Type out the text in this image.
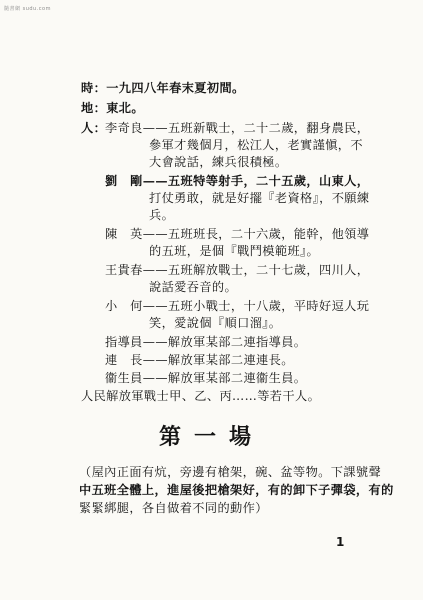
隨書網 sudu.com
時：一九四八年春末夏初間。
地：東北。
人：
李奇良——五班新戰士，二十二歲，翻身農民，
參軍才幾個月，松江人，老實謹愼，不
大會說話，練兵很積極。
劉　剛——五班特等射手，二十五歲，山東人，
打仗勇敢，就是好擺『老資格』，不願練
兵。
陳　英——五班班長，二十六歲，能幹，他領導
的五班，是個『戰鬥模範班』。
王貴春——五班解放戰士，二十七歲，四川人，
說話愛吞音的。
小　何——五班小戰士，十八歲，平時好逗人玩
笑，愛說個『順口溜』。
指導員——解放軍某部二連指導員。
連　長——解放軍某部二連連長。
衞生員——解放軍某部二連衞生員。
人民解放軍戰士甲、乙、丙……等若干人。
第一場
（屋內正面有炕，旁邊有槍架，碗、盆等物。下課號聲
中五班全體上，進屋後把槍架好，有的卸下子彈袋，有的
緊緊綁腿，各自做着不同的動作）
1
